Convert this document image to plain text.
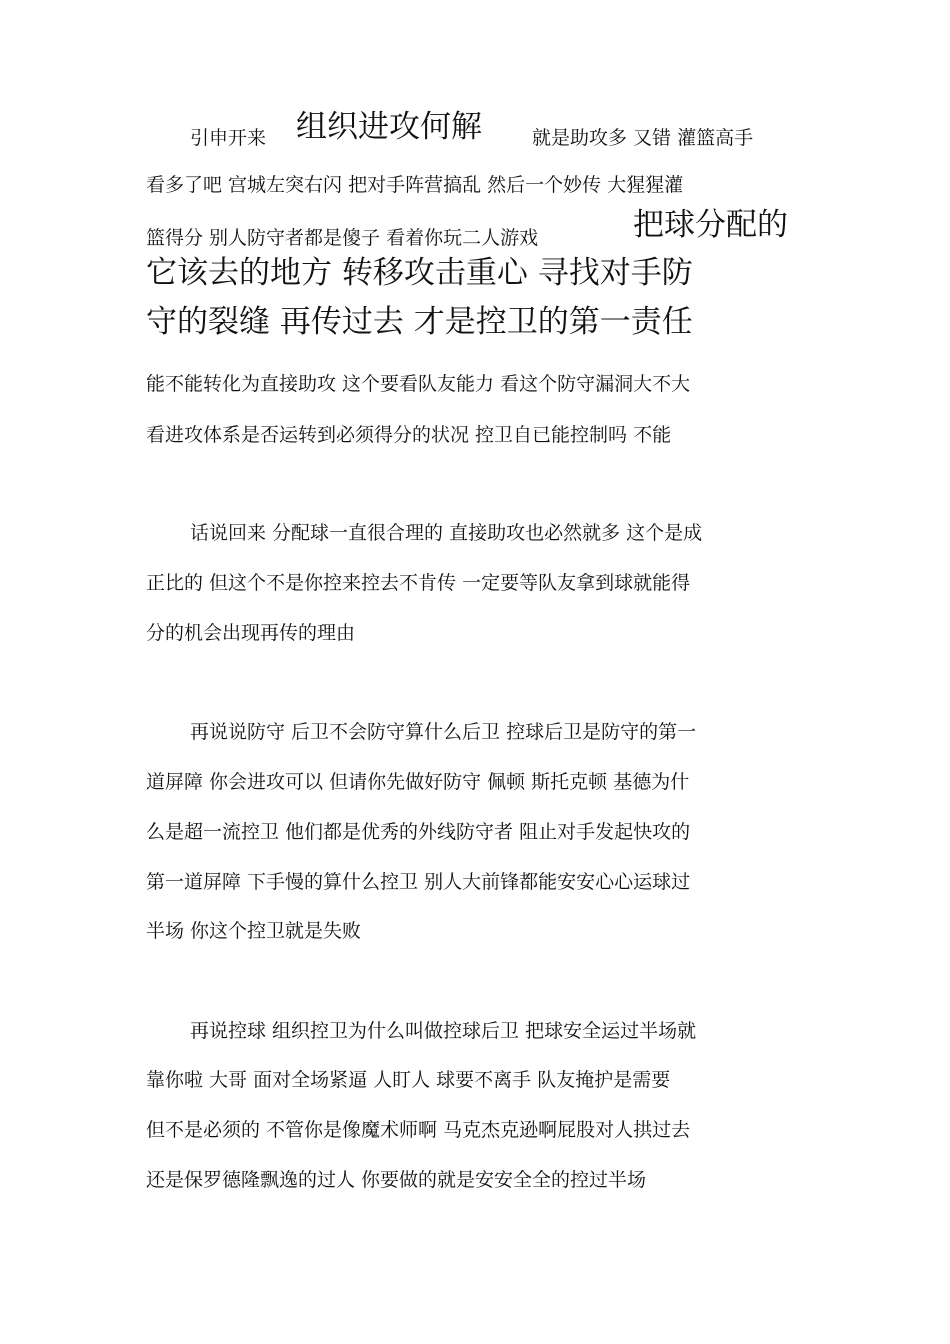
引申开来 组织进攻何解	就是助攻多 又错 灌篮高手
看多了吧 宫城左突右闪 把对手阵营搞乱 然后一个妙传 大猩猩灌
篮得分 别人防守者都是傻子 看着你玩二人游戏	把球分配的
它该去的地方 转移攻击重心 寻找对手防
守的裂缝 再传过去 才是控卫的第一责任
能不能转化为直接助攻 这个要看队友能力 看这个防守漏洞大不大
看进攻体系是否运转到必须得分的状况 控卫自已能控制吗 不能
话说回来 分配球一直很合理的 直接助攻也必然就多 这个是成
正比的 但这个不是你控来控去不肯传 一定要等队友拿到球就能得
分的机会出现再传的理由
再说说防守 后卫不会防守算什么后卫 控球后卫是防守的第一
道屏障 你会进攻可以 但请你先做好防守 佩顿 斯托克顿 基德为什
么是超一流控卫 他们都是优秀的外线防守者 阻止对手发起快攻的
第一道屏障 下手慢的算什么控卫 别人大前锋都能安安心心运球过
半场 你这个控卫就是失败
再说控球 组织控卫为什么叫做控球后卫 把球安全运过半场就
靠你啦 大哥 面对全场紧逼 人盯人 球要不离手 队友掩护是需要
但不是必须的 不管你是像魔术师啊 马克杰克逊啊屁股对人拱过去
还是保罗德隆飘逸的过人 你要做的就是安安全全的控过半场
